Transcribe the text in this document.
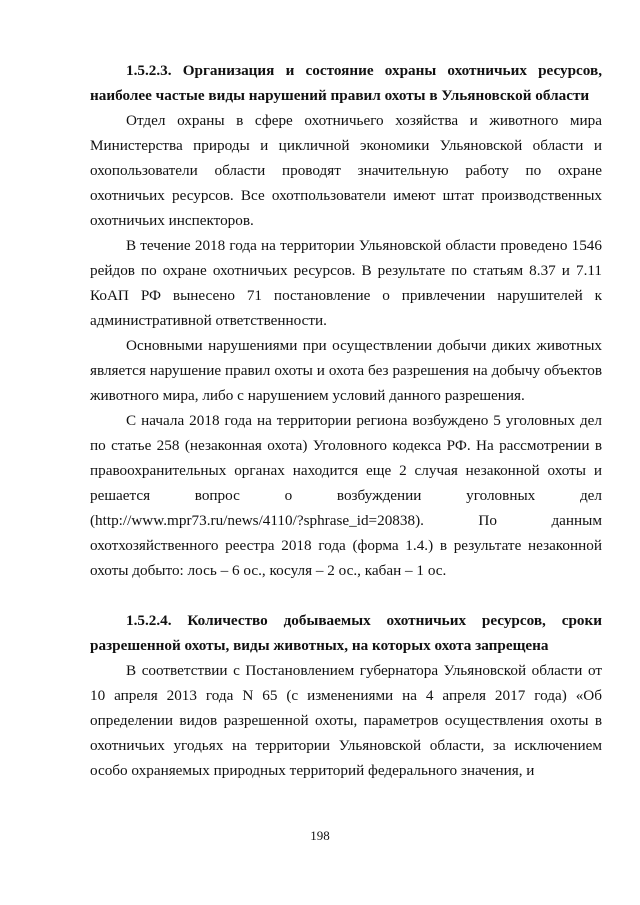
1.5.2.3. Организация и состояние охраны охотничьих ресурсов, наиболее частые виды нарушений правил охоты в Ульяновской области

Отдел охраны в сфере охотничьего хозяйства и животного мира Министерства природы и цикличной экономики Ульяновской области и охопользователи области проводят значительную работу по охране охотничьих ресурсов. Все охотпользователи имеют штат производственных охотничьих инспекторов.

В течение 2018 года на территории Ульяновской области проведено 1546 рейдов по охране охотничьих ресурсов. В результате по статьям 8.37 и 7.11 КоАП РФ вынесено 71 постановление о привлечении нарушителей к административной ответственности.

Основными нарушениями при осуществлении добычи диких животных является нарушение правил охоты и охота без разрешения на добычу объектов животного мира, либо с нарушением условий данного разрешения.

С начала 2018 года на территории региона возбуждено 5 уголовных дел по статье 258 (незаконная охота) Уголовного кодекса РФ. На рассмотрении в правоохранительных органах находится еще 2 случая незаконной охоты и решается вопрос о возбуждении уголовных дел (http://www.mpr73.ru/news/4110/?sphrase_id=20838). По данным охотхозяйственного реестра 2018 года (форма 1.4.) в результате незаконной охоты добыто: лось – 6 ос., косуля – 2 ос., кабан – 1 ос.

1.5.2.4. Количество добываемых охотничьих ресурсов, сроки разрешенной охоты, виды животных, на которых охота запрещена

В соответствии с Постановлением губернатора Ульяновской области от 10 апреля 2013 года N 65 (с изменениями на 4 апреля 2017 года) «Об определении видов разрешенной охоты, параметров осуществления охоты в охотничьих угодьях на территории Ульяновской области, за исключением особо охраняемых природных территорий федерального значения, и

198
